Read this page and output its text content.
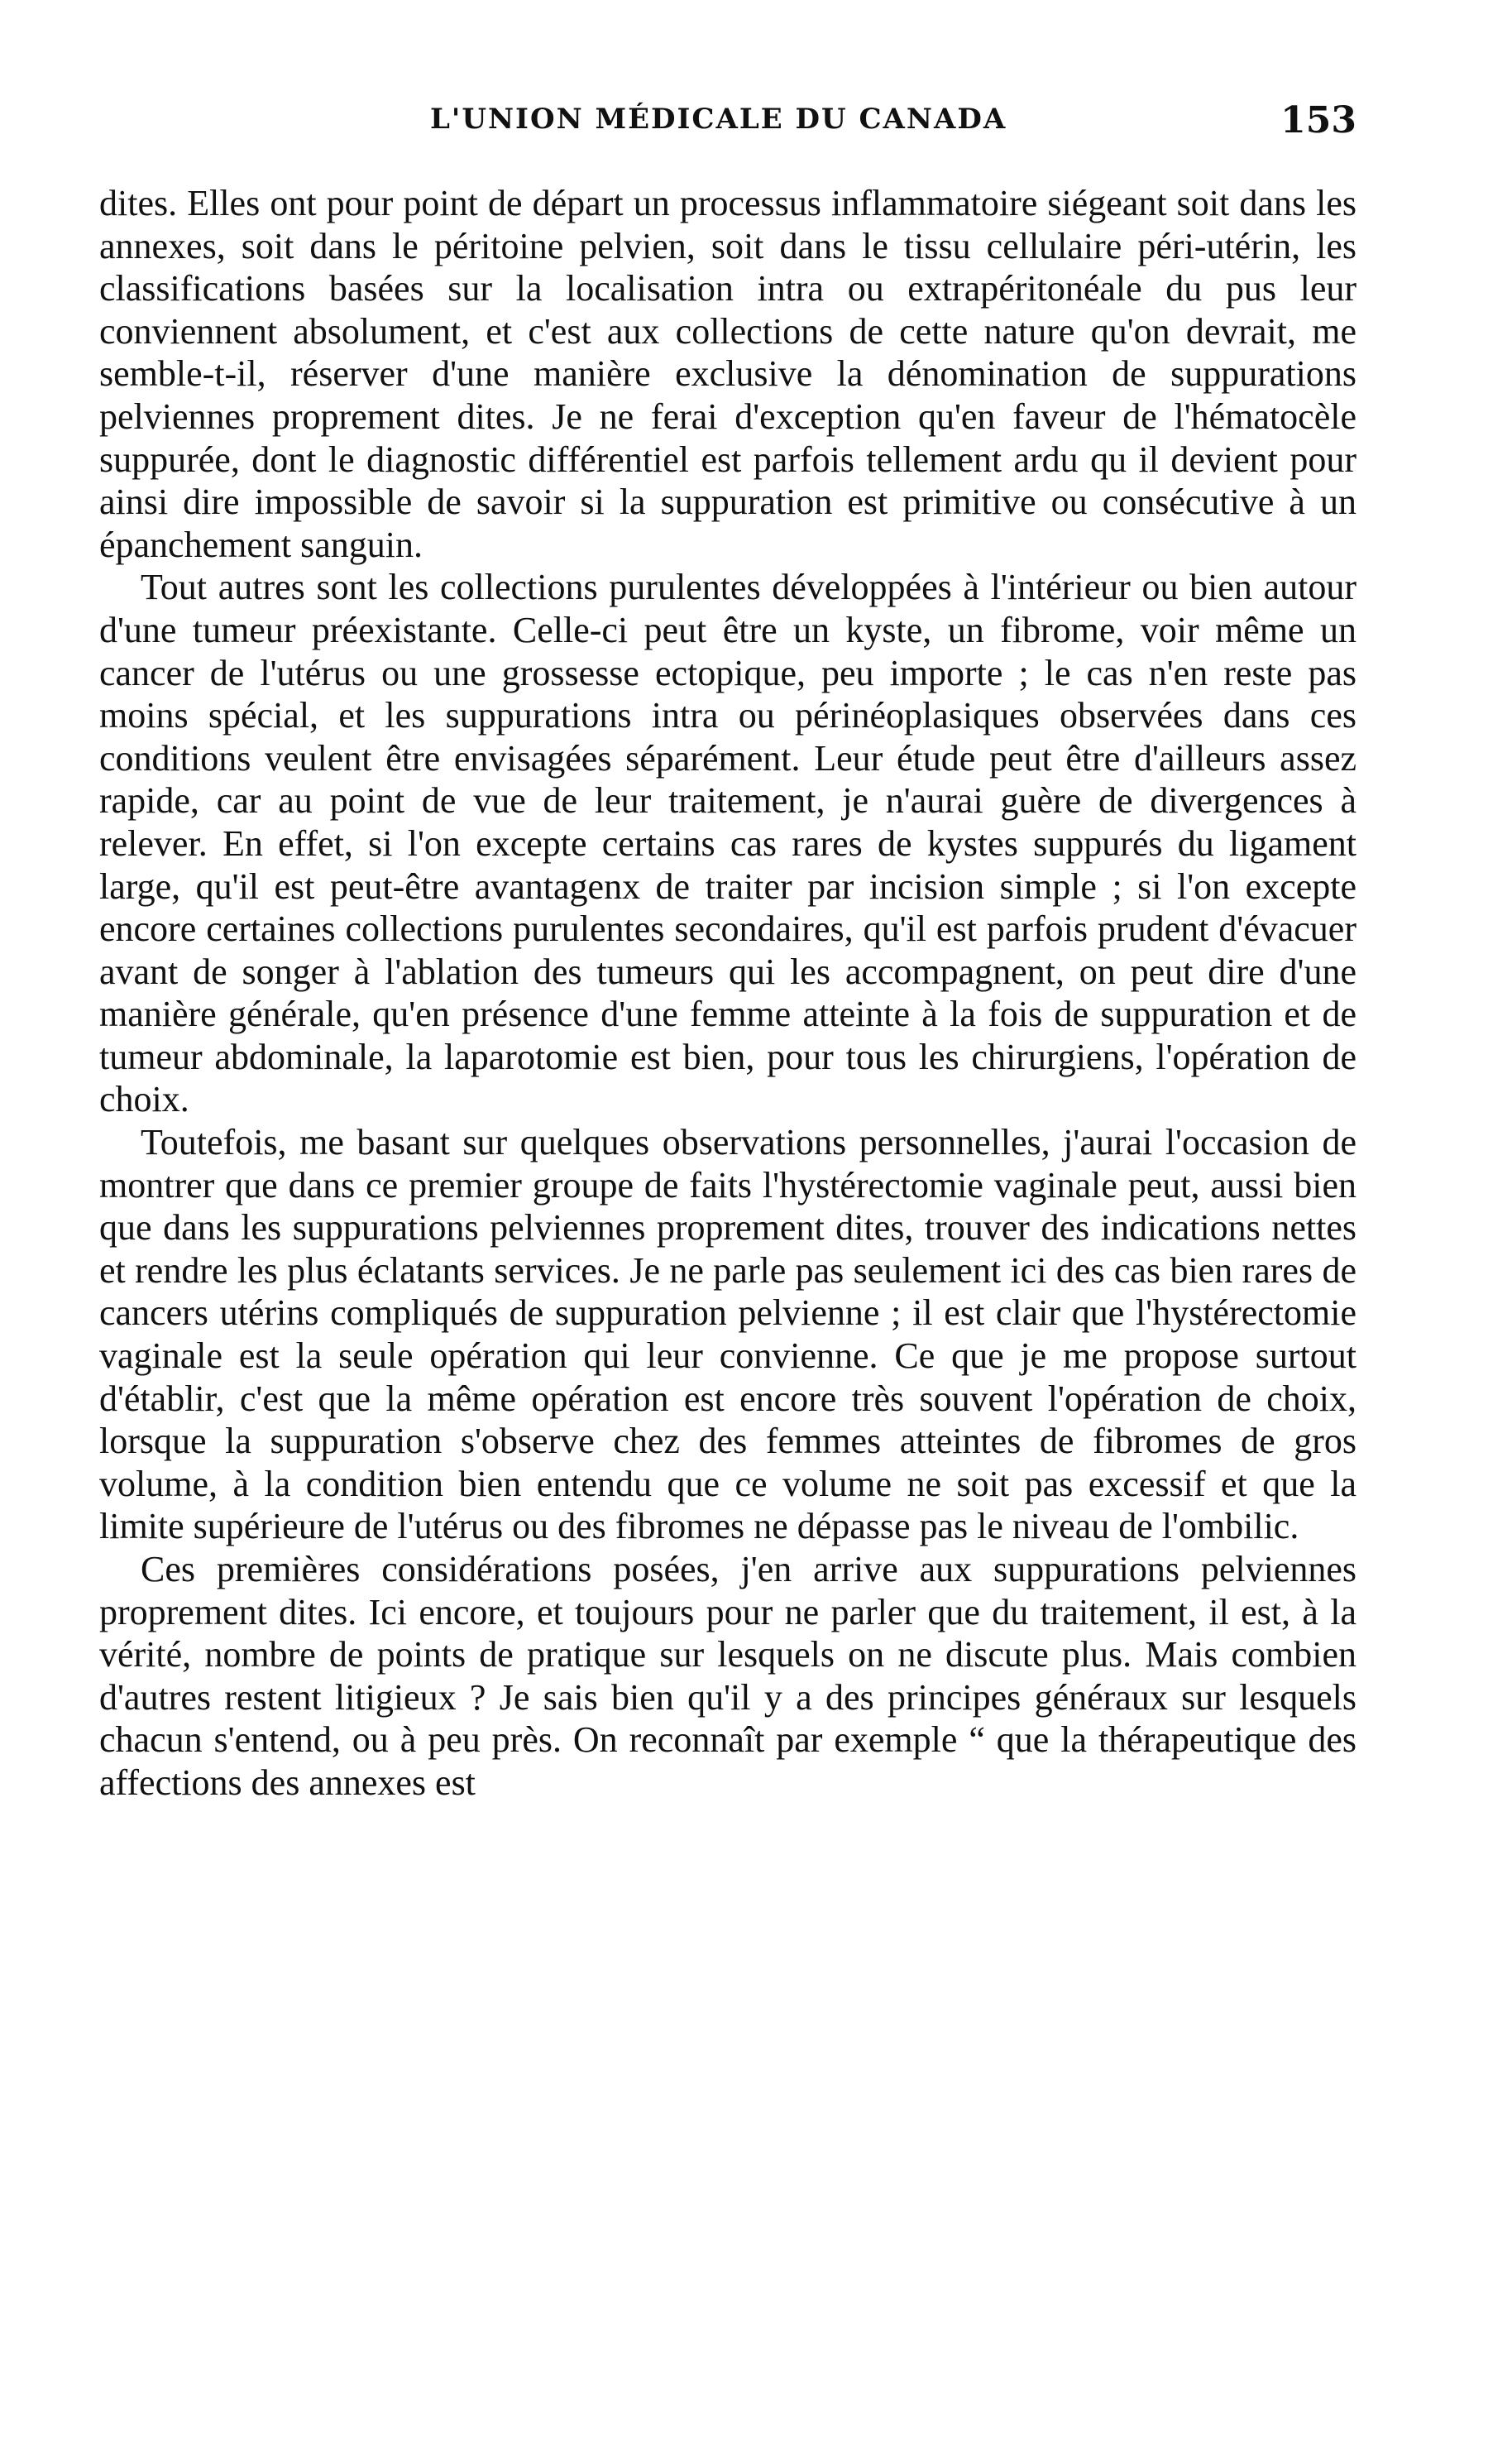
L'UNION MÉDICALE DU CANADA	153

dites. Elles ont pour point de départ un processus inflammatoire siégeant soit dans les annexes, soit dans le péritoine pelvien, soit dans le tissu cellulaire péri-utérin, les classifications basées sur la localisation intra ou extrapéritonéale du pus leur conviennent absolument, et c'est aux collections de cette nature qu'on devrait, me semble-t-il, réserver d'une manière exclusive la dénomination de suppurations pelviennes proprement dites. Je ne ferai d'exception qu'en faveur de l'hématocèle suppurée, dont le diagnostic différentiel est parfois tellement ardu qu il devient pour ainsi dire impossible de savoir si la suppuration est primitive ou consécutive à un épanchement sanguin.

Tout autres sont les collections purulentes développées à l'intérieur ou bien autour d'une tumeur préexistante. Celle-ci peut être un kyste, un fibrome, voir même un cancer de l'utérus ou une grossesse ectopique, peu importe ; le cas n'en reste pas moins spécial, et les suppurations intra ou périnéoplasiques observées dans ces conditions veulent être envisagées séparément. Leur étude peut être d'ailleurs assez rapide, car au point de vue de leur traitement, je n'aurai guère de divergences à relever. En effet, si l'on excepte certains cas rares de kystes suppurés du ligament large, qu'il est peut-être avantagenx de traiter par incision simple ; si l'on excepte encore certaines collections purulentes secondaires, qu'il est parfois prudent d'évacuer avant de songer à l'ablation des tumeurs qui les accompagnent, on peut dire d'une manière générale, qu'en présence d'une femme atteinte à la fois de suppuration et de tumeur abdominale, la laparotomie est bien, pour tous les chirurgiens, l'opération de choix.

Toutefois, me basant sur quelques observations personnelles, j'aurai l'occasion de montrer que dans ce premier groupe de faits l'hystérectomie vaginale peut, aussi bien que dans les suppurations pelviennes proprement dites, trouver des indications nettes et rendre les plus éclatants services. Je ne parle pas seulement ici des cas bien rares de cancers utérins compliqués de suppuration pelvienne ; il est clair que l'hystérectomie vaginale est la seule opération qui leur convienne. Ce que je me propose surtout d'établir, c'est que la même opération est encore très souvent l'opération de choix, lorsque la suppuration s'observe chez des femmes atteintes de fibromes de gros volume, à la condition bien entendu que ce volume ne soit pas excessif et que la limite supérieure de l'utérus ou des fibromes ne dépasse pas le niveau de l'ombilic.

Ces premières considérations posées, j'en arrive aux suppurations pelviennes proprement dites. Ici encore, et toujours pour ne parler que du traitement, il est, à la vérité, nombre de points de pratique sur lesquels on ne discute plus. Mais combien d'autres restent litigieux ? Je sais bien qu'il y a des principes généraux sur lesquels chacun s'entend, ou à peu près. On reconnaît par exemple “ que la thérapeutique des affections des annexes est
